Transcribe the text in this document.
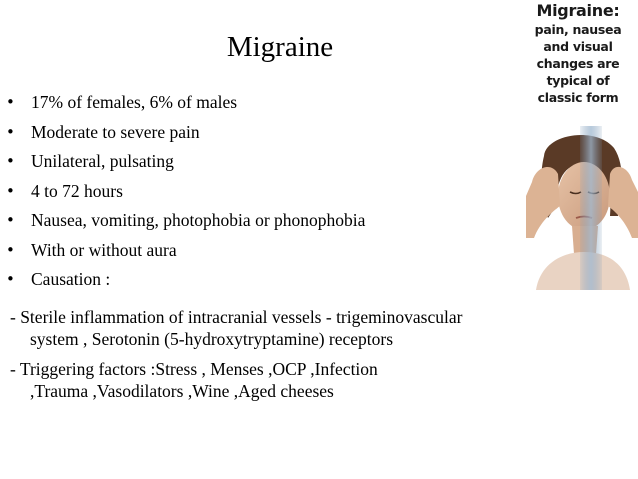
Migraine
• 17% of females, 6% of males
• Moderate to severe pain
• Unilateral, pulsating
• 4 to 72 hours
• Nausea, vomiting, photophobia or phonophobia
• With or without aura
• Causation :
- Sterile inflammation of intracranial vessels - trigeminovascular
system , Serotonin (5-hydroxytryptamine) receptors
- Triggering factors :Stress , Menses ,OCP ,Infection
,Trauma ,Vasodilators ,Wine ,Aged cheeses
Migraine:
pain, nausea
and visual
changes are
typical of
classic form
